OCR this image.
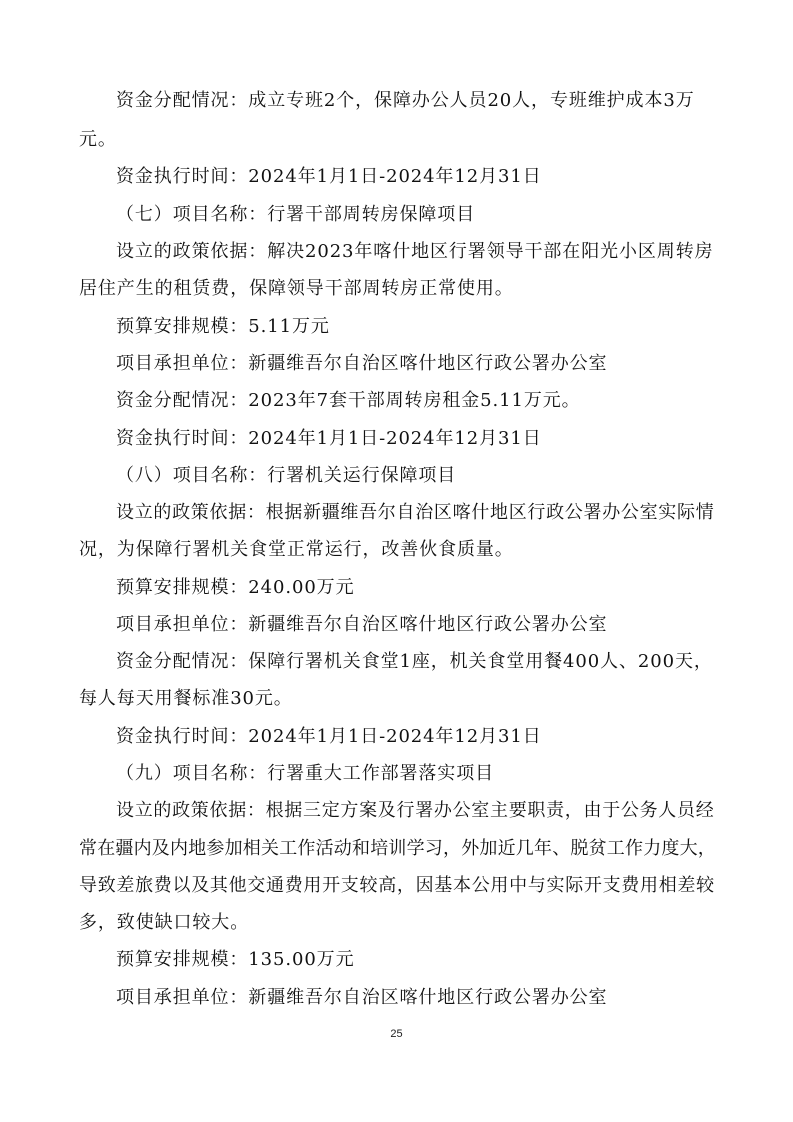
资金分配情况：成立专班2个，保障办公人员20人，专班维护成本3万
元。
资金执行时间：2024年1月1日-2024年12月31日
（七）项目名称：行署干部周转房保障项目
设立的政策依据：解决2023年喀什地区行署领导干部在阳光小区周转房
居住产生的租赁费，保障领导干部周转房正常使用。
预算安排规模：5.11万元
项目承担单位：新疆维吾尔自治区喀什地区行政公署办公室
资金分配情况：2023年7套干部周转房租金5.11万元。
资金执行时间：2024年1月1日-2024年12月31日
（八）项目名称：行署机关运行保障项目
设立的政策依据：根据新疆维吾尔自治区喀什地区行政公署办公室实际情
况，为保障行署机关食堂正常运行，改善伙食质量。
预算安排规模：240.00万元
项目承担单位：新疆维吾尔自治区喀什地区行政公署办公室
资金分配情况：保障行署机关食堂1座，机关食堂用餐400人、200天，
每人每天用餐标准30元。
资金执行时间：2024年1月1日-2024年12月31日
（九）项目名称：行署重大工作部署落实项目
设立的政策依据：根据三定方案及行署办公室主要职责，由于公务人员经
常在疆内及内地参加相关工作活动和培训学习，外加近几年、脱贫工作力度大，
导致差旅费以及其他交通费用开支较高，因基本公用中与实际开支费用相差较
多，致使缺口较大。
预算安排规模：135.00万元
项目承担单位：新疆维吾尔自治区喀什地区行政公署办公室
25
